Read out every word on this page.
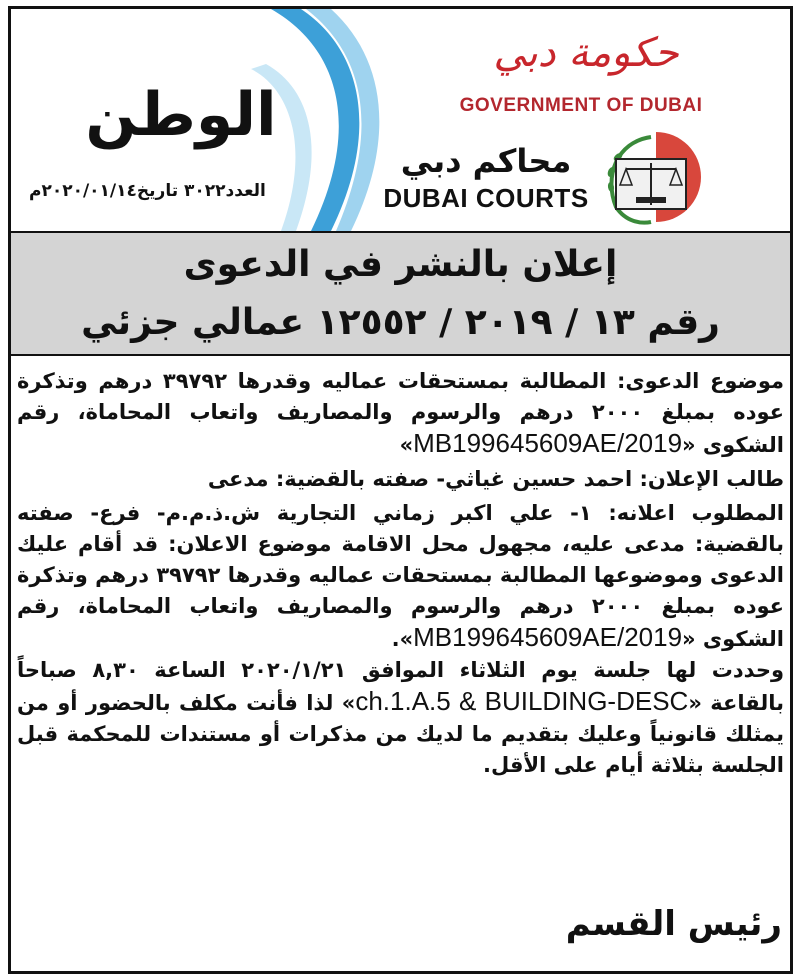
الوطن
العدد٣٠٢٢ تاريخ٢٠٢٠/٠١/١٤م
حكومة دبي
GOVERNMENT OF DUBAI
محاكم دبي
DUBAI COURTS
إعلان بالنشر في الدعوى
رقم ١٣ / ٢٠١٩ / ١٢٥٥٢ عمالي جزئي

موضوع الدعوى: المطالبة بمستحقات عماليه وقدرها ٣٩٧٩٢ درهم وتذكرة عوده بمبلغ ٢٠٠٠ درهم والرسوم والمصاريف واتعاب المحاماة، رقم الشكوى «MB199645609AE/2019»

طالب الإعلان: احمد حسين غياثي- صفته بالقضية: مدعى

المطلوب اعلانه: ١- علي اكبر زماني التجارية ش.ذ.م.م- فرع- صفته بالقضية: مدعى عليه، مجهول محل الاقامة موضوع الاعلان: قد أقام عليك الدعوى وموضوعها المطالبة بمستحقات عماليه وقدرها ٣٩٧٩٢ درهم وتذكرة عوده بمبلغ ٢٠٠٠ درهم والرسوم والمصاريف واتعاب المحاماة، رقم الشكوى «MB199645609AE/2019».
وحددت لها جلسة يوم الثلاثاء الموافق ٢٠٢٠/١/٢١ الساعة ٨,٣٠ صباحاً بالقاعة «ch.1.A.5 & BUILDING-DESC» لذا فأنت مكلف بالحضور أو من يمثلك قانونياً وعليك بتقديم ما لديك من مذكرات أو مستندات للمحكمة قبل الجلسة بثلاثة أيام على الأقل.

رئيس القسم
